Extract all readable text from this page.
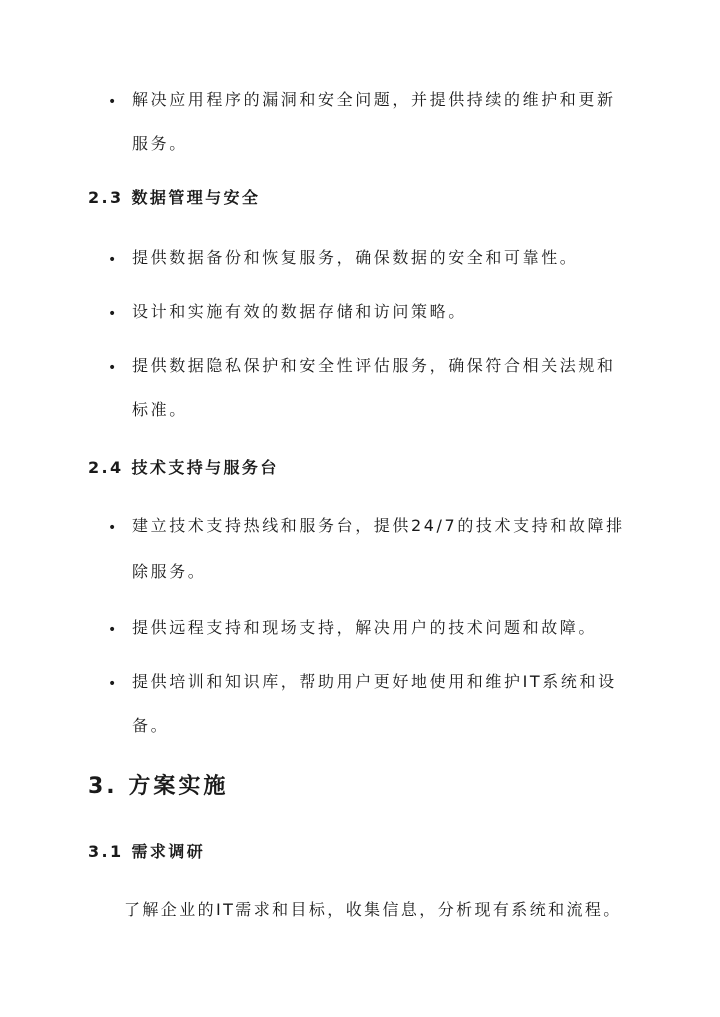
• 解决应用程序的漏洞和安全问题，并提供持续的维护和更新
服务。
2.3 数据管理与安全
• 提供数据备份和恢复服务，确保数据的安全和可靠性。
• 设计和实施有效的数据存储和访问策略。
• 提供数据隐私保护和安全性评估服务，确保符合相关法规和
标准。
2.4 技术支持与服务台
• 建立技术支持热线和服务台，提供24/7的技术支持和故障排
除服务。
• 提供远程支持和现场支持，解决用户的技术问题和故障。
• 提供培训和知识库，帮助用户更好地使用和维护IT系统和设
备。
3. 方案实施
3.1 需求调研
了解企业的IT需求和目标，收集信息，分析现有系统和流程。
